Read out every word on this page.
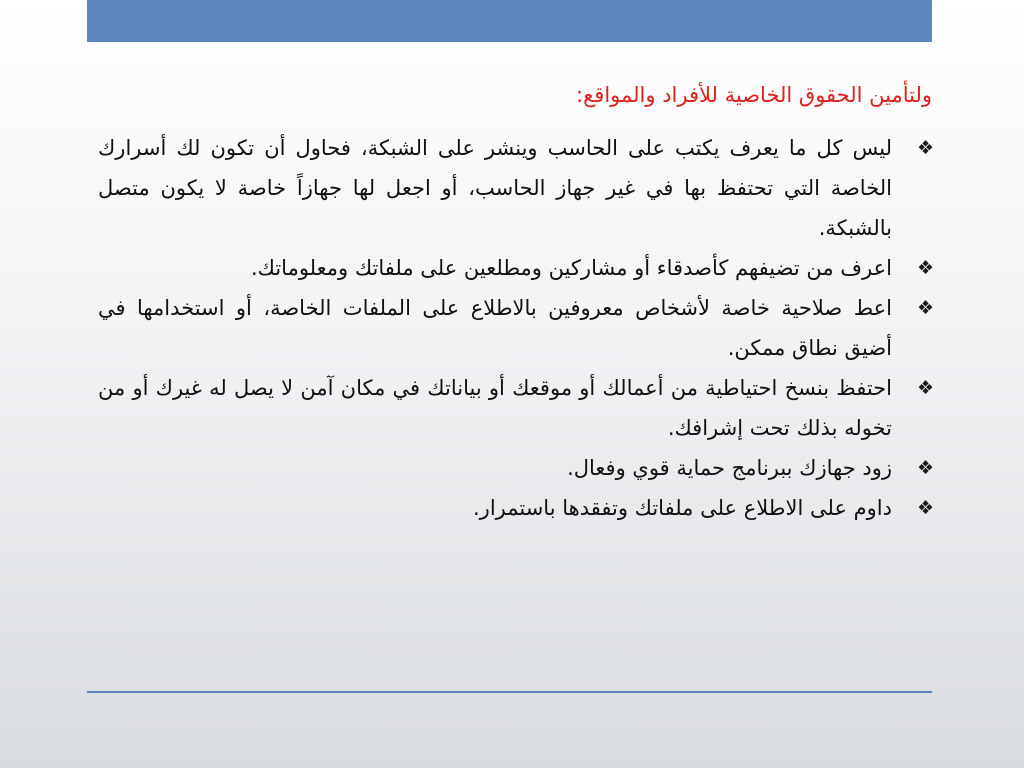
ولتأمين الحقوق الخاصية للأفراد والمواقع:
❖
ليس كل ما يعرف يكتب على الحاسب وينشر على الشبكة، فحاول أن تكون لك أسرارك الخاصة التي تحتفظ بها في غير جهاز الحاسب، أو اجعل لها جهازاً خاصة لا يكون متصل بالشبكة.
❖
اعرف من تضيفهم كأصدقاء أو مشاركين ومطلعين على ملفاتك ومعلوماتك.
❖
اعط صلاحية خاصة لأشخاص معروفين بالاطلاع على الملفات الخاصة، أو استخدامها في أضيق نطاق ممكن.
❖
احتفظ بنسخ احتياطية من أعمالك أو موقعك أو بياناتك في مكان آمن لا يصل له غيرك أو من تخوله بذلك تحت إشرافك.
❖
زود جهازك ببرنامج حماية قوي وفعال.
❖
داوم على الاطلاع على ملفاتك وتفقدها باستمرار.
